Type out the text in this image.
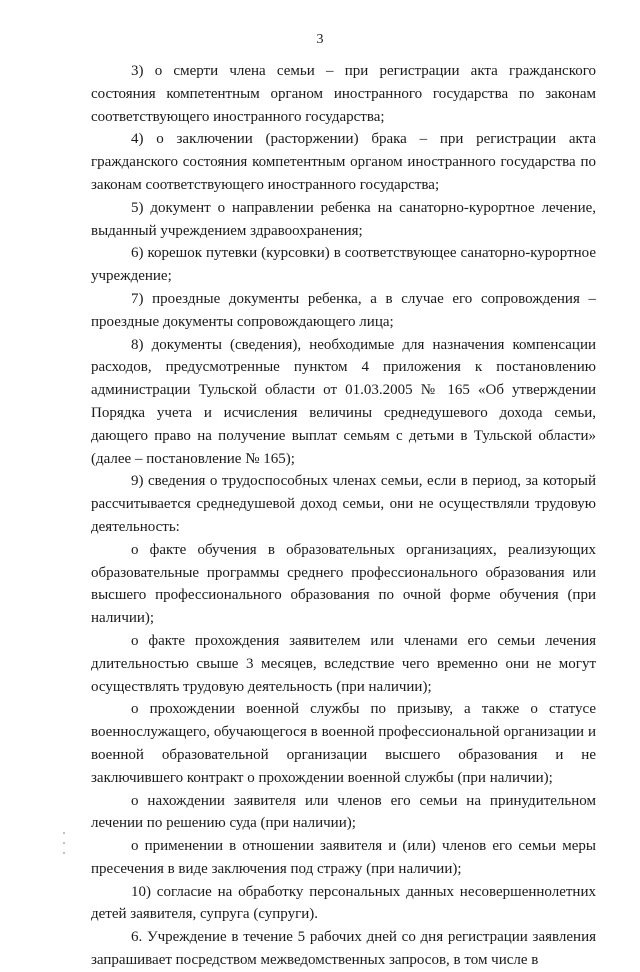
3

3) о смерти члена семьи – при регистрации акта гражданского состояния компетентным органом иностранного государства по законам соответствующего иностранного государства;

4) о заключении (расторжении) брака – при регистрации акта гражданского состояния компетентным органом иностранного государства по законам соответствующего иностранного государства;

5) документ о направлении ребенка на санаторно-курортное лечение, выданный учреждением здравоохранения;

6) корешок путевки (курсовки) в соответствующее санаторно-курортное учреждение;

7) проездные документы ребенка, а в случае его сопровождения – проездные документы сопровождающего лица;

8) документы (сведения), необходимые для назначения компенсации расходов, предусмотренные пунктом 4 приложения к постановлению администрации Тульской области от 01.03.2005 № 165 «Об утверждении Порядка учета и исчисления величины среднедушевого дохода семьи, дающего право на получение выплат семьям с детьми в Тульской области» (далее – постановление № 165);

9) сведения о трудоспособных членах семьи, если в период, за который рассчитывается среднедушевой доход семьи, они не осуществляли трудовую деятельность:

о факте обучения в образовательных организациях, реализующих образовательные программы среднего профессионального образования или высшего профессионального образования по очной форме обучения (при наличии);

о факте прохождения заявителем или членами его семьи лечения длительностью свыше 3 месяцев, вследствие чего временно они не могут осуществлять трудовую деятельность (при наличии);

о прохождении военной службы по призыву, а также о статусе военнослужащего, обучающегося в военной профессиональной организации и военной образовательной организации высшего образования и не заключившего контракт о прохождении военной службы (при наличии);

о нахождении заявителя или членов его семьи на принудительном лечении по решению суда (при наличии);

о применении в отношении заявителя и (или) членов его семьи меры пресечения в виде заключения под стражу (при наличии);

10) согласие на обработку персональных данных несовершеннолетних детей заявителя, супруга (супруги).

6. Учреждение в течение 5 рабочих дней со дня регистрации заявления запрашивает посредством межведомственных запросов, в том числе в
